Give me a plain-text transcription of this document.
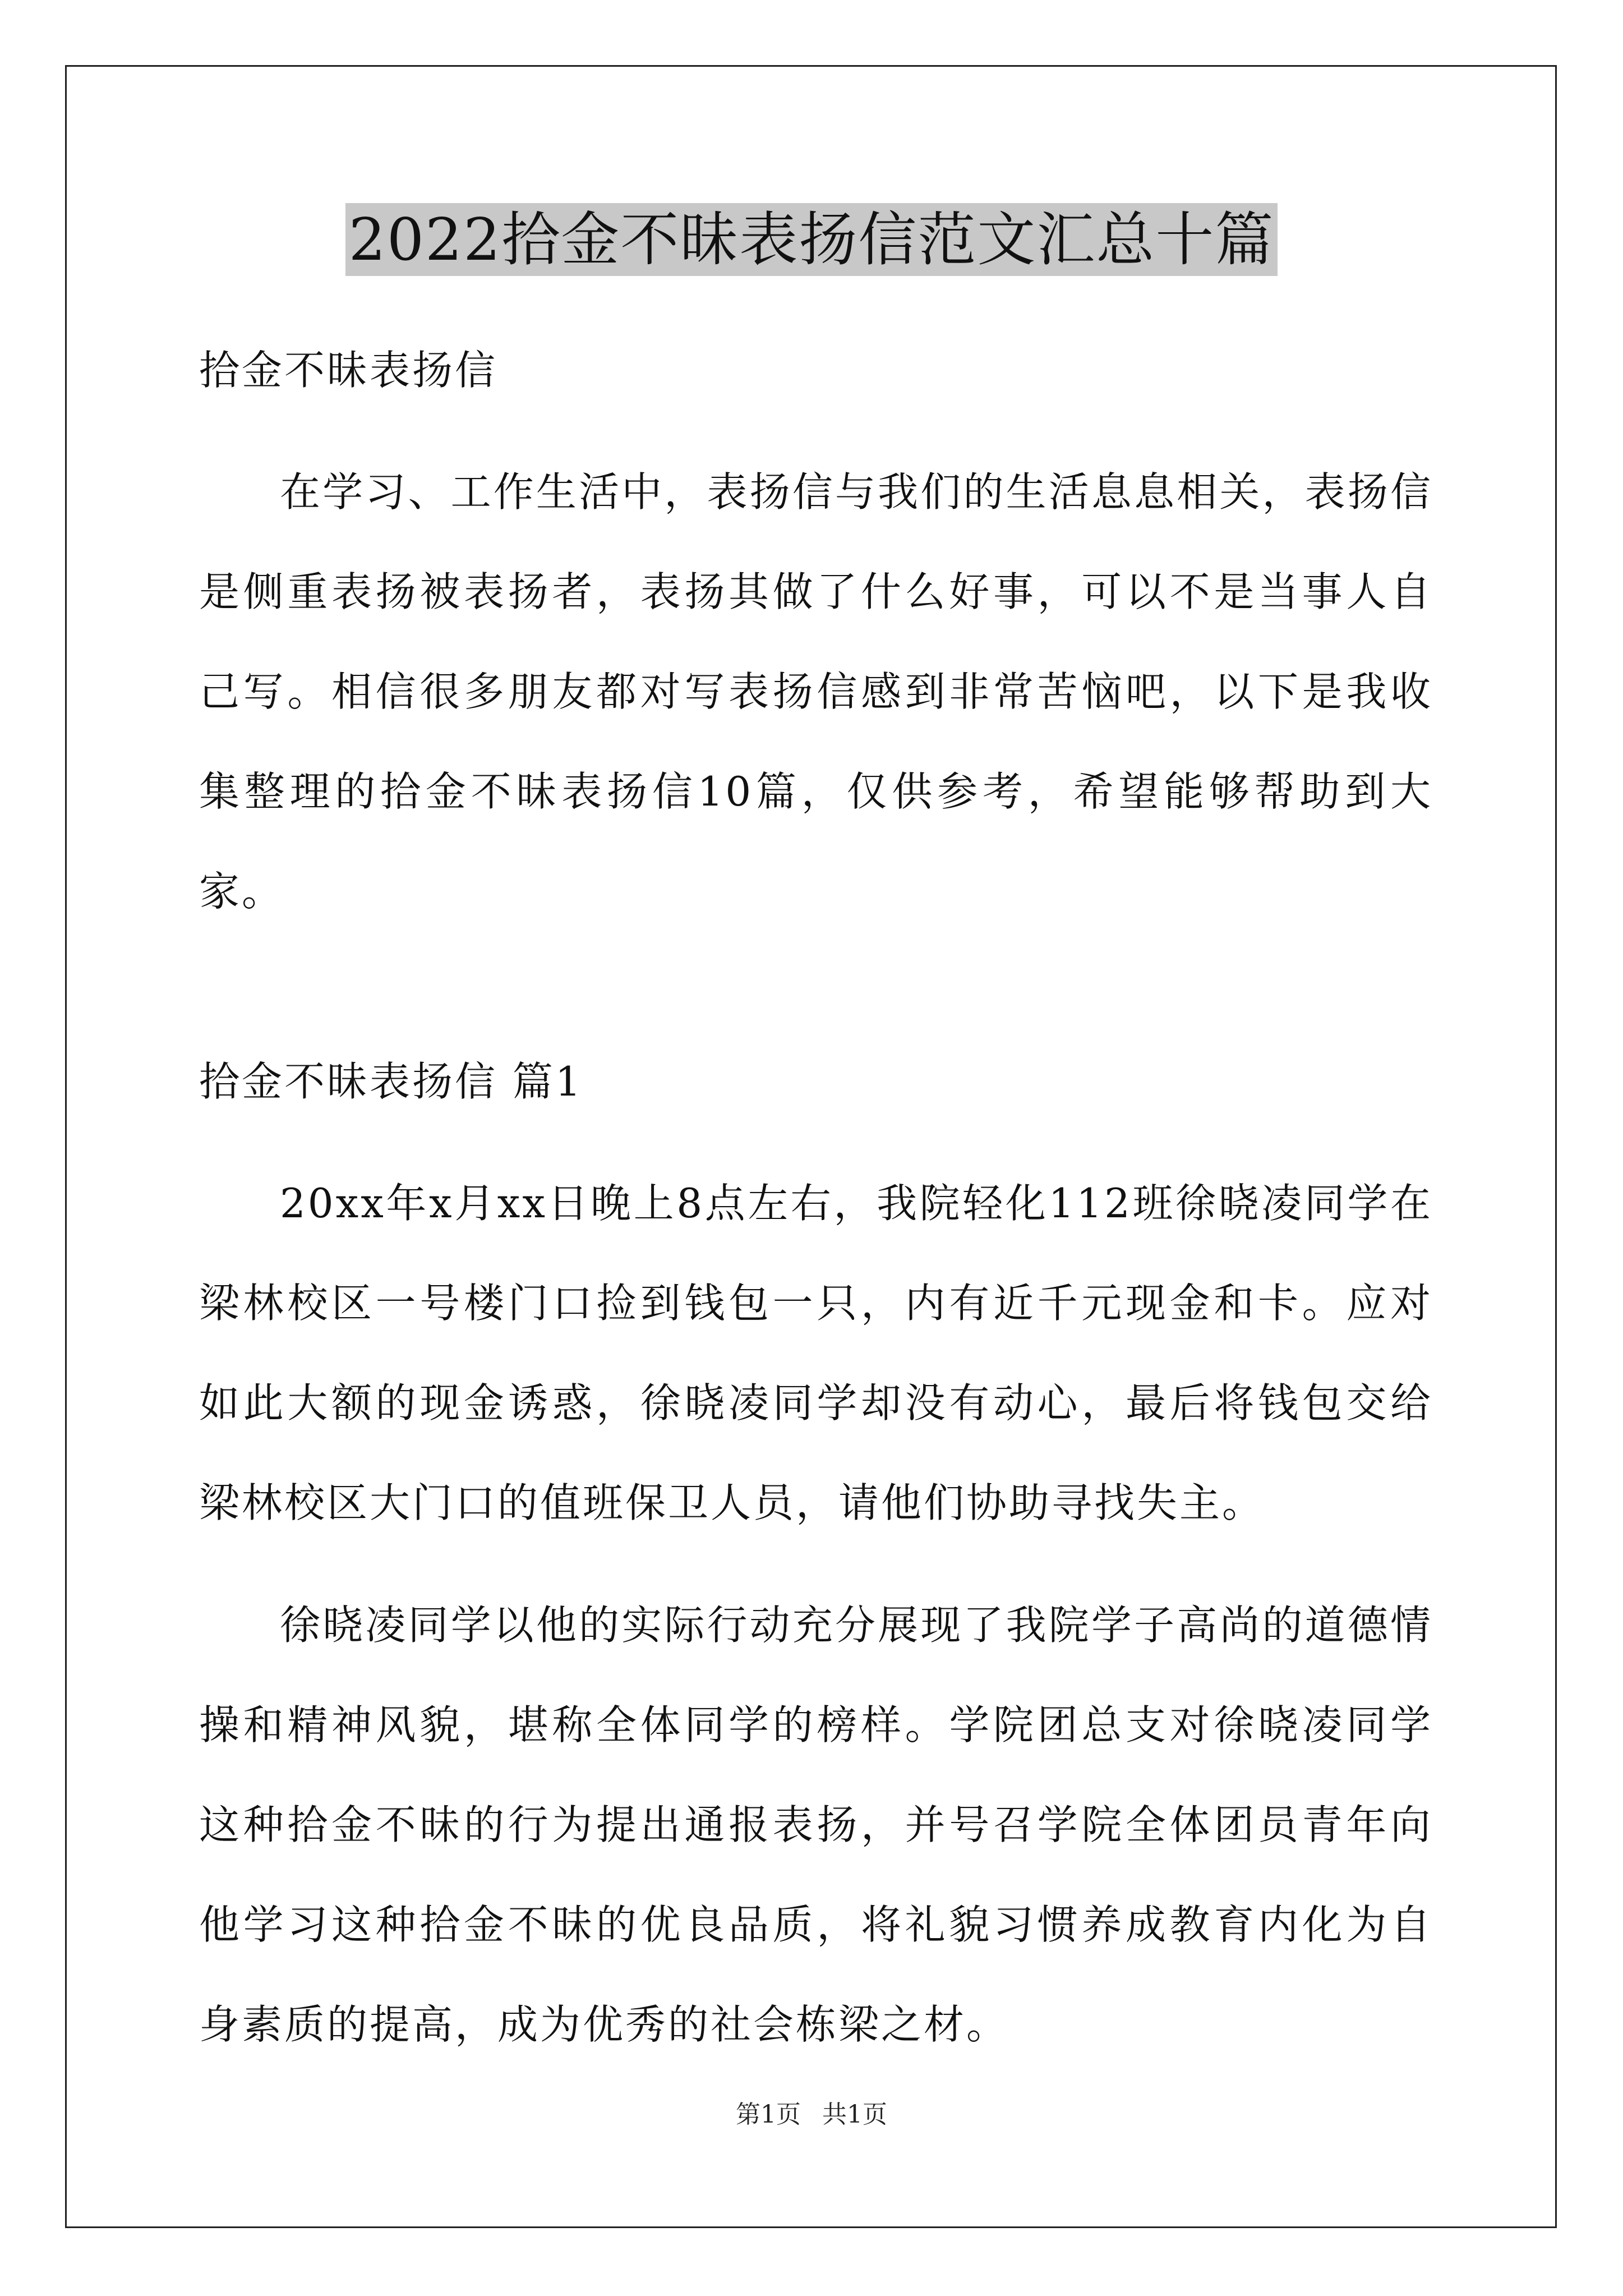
2022拾金不昧表扬信范文汇总十篇

拾金不昧表扬信

在学习、工作生活中，表扬信与我们的生活息息相关，表扬信是侧重表扬被表扬者，表扬其做了什么好事，可以不是当事人自己写。相信很多朋友都对写表扬信感到非常苦恼吧，以下是我收集整理的拾金不昧表扬信10篇，仅供参考，希望能够帮助到大家。

拾金不昧表扬信 篇1

20xx年x月xx日晚上8点左右，我院轻化112班徐晓凌同学在梁林校区一号楼门口捡到钱包一只，内有近千元现金和卡。应对如此大额的现金诱惑，徐晓凌同学却没有动心，最后将钱包交给梁林校区大门口的值班保卫人员，请他们协助寻找失主。

徐晓凌同学以他的实际行动充分展现了我院学子高尚的道德情操和精神风貌，堪称全体同学的榜样。学院团总支对徐晓凌同学这种拾金不昧的行为提出通报表扬，并号召学院全体团员青年向他学习这种拾金不昧的优良品质，将礼貌习惯养成教育内化为自身素质的提高，成为优秀的社会栋梁之材。

第1页 共1页
